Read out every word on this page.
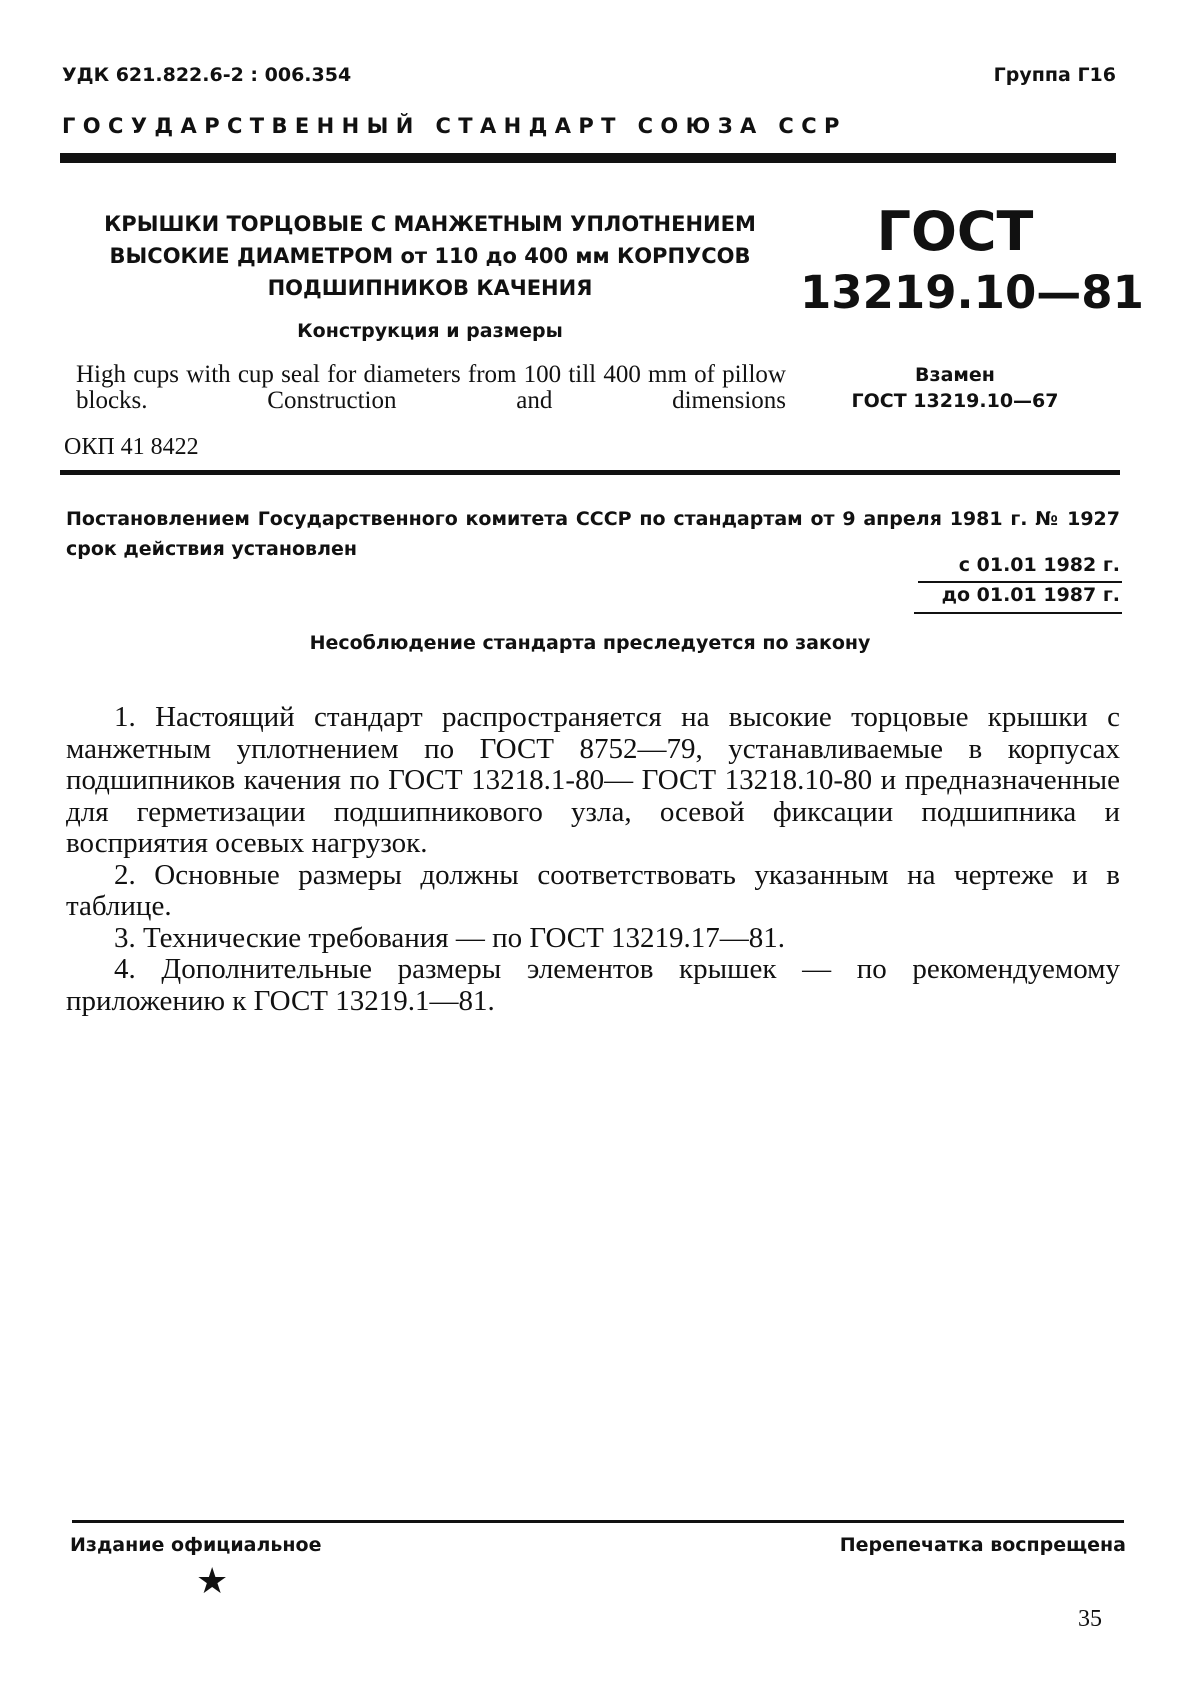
УДК 621.822.6-2 : 006.354	Группа Г16
ГОСУДАРСТВЕННЫЙ СТАНДАРТ СОЮЗА ССР
КРЫШКИ ТОРЦОВЫЕ С МАНЖЕТНЫМ УПЛОТНЕНИЕМ ВЫСОКИЕ ДИАМЕТРОМ от 110 до 400 мм КОРПУСОВ ПОДШИПНИКОВ КАЧЕНИЯ
Конструкция и размеры
High cups with cup seal for diameters from 100 till 400 mm of pillow blocks. Construction and dimensions
ОКП 41 8422
ГОСТ
13219.10—81
Взамен
ГОСТ 13219.10—67
Постановлением Государственного комитета СССР по стандартам от 9 апреля 1981 г. № 1927 срок действия установлен
с 01.01 1982 г.
до 01.01 1987 г.
Несоблюдение стандарта преследуется по закону

1. Настоящий стандарт распространяется на высокие торцовые крышки с манжетным уплотнением по ГОСТ 8752—79, устанавливаемые в корпусах подшипников качения по ГОСТ 13218.1-80— ГОСТ 13218.10-80 и предназначенные для герметизации подшипникового узла, осевой фиксации подшипника и восприятия осевых нагрузок.

2. Основные размеры должны соответствовать указанным на чертеже и в таблице.

3. Технические требования — по ГОСТ 13219.17—81.

4. Дополнительные размеры элементов крышек — по рекомендуемому приложению к ГОСТ 13219.1—81.

Издание официальное	Перепечатка воспрещена
★
35
